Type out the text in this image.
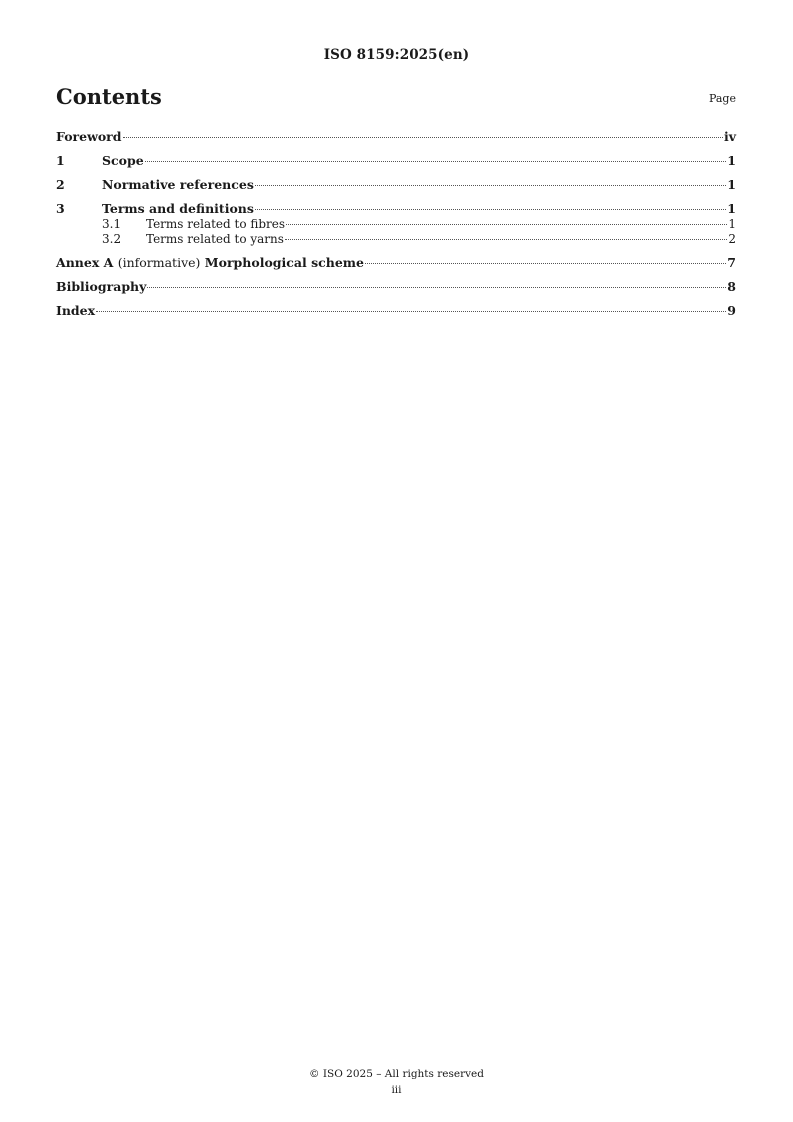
ISO 8159:2025(en)
Contents	Page
Foreword	iv
1	Scope	1
2	Normative references	1
3	Terms and definitions	1
3.1	Terms related to fibres	1
3.2	Terms related to yarns	2
Annex A (informative) Morphological scheme	7
Bibliography	8
Index	9
© ISO 2025 – All rights reserved
iii
